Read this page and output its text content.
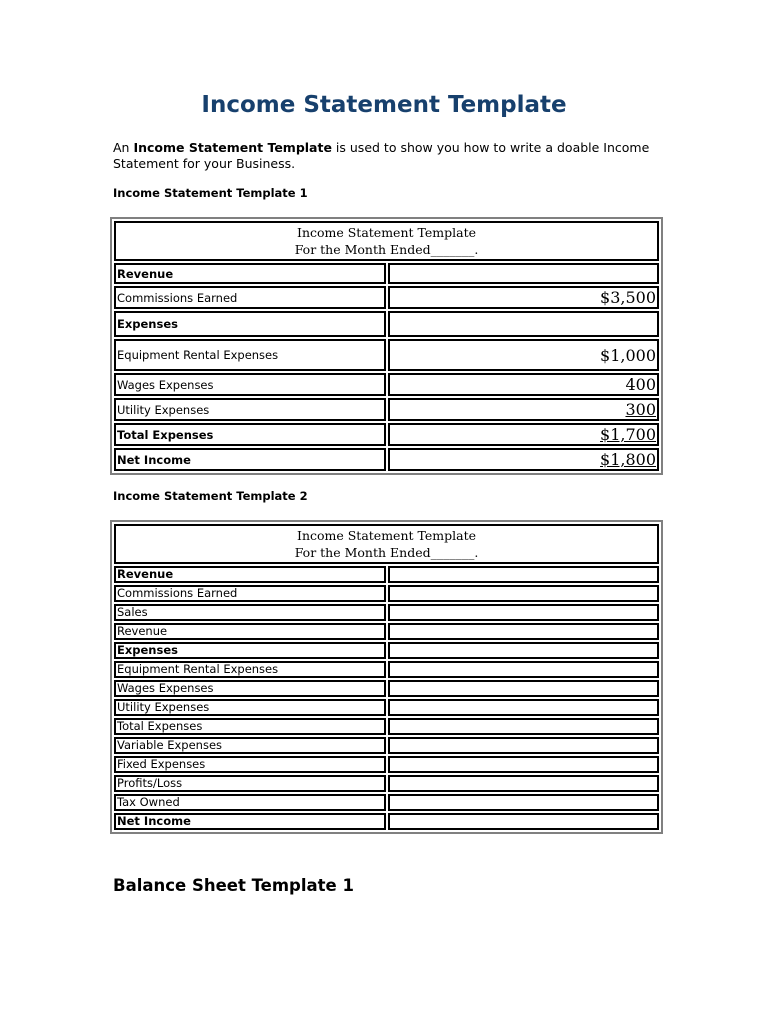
Income Statement Template
An Income Statement Template is used to show you how to write a doable Income Statement for your Business.
Income Statement Template 1
Income Statement Template
For the Month Ended_______.	

Revenue	
Commissions Earned	$3,500
Expenses	
Equipment Rental Expenses	$1,000
Wages Expenses	400
Utility Expenses	300
Total Expenses	$1,700
Net Income	$1,800
Income Statement Template 2
Income Statement Template
For the Month Ended_______.	

Revenue	
Commissions Earned	
Sales	
Revenue	
Expenses	
Equipment Rental Expenses	
Wages Expenses	
Utility Expenses	
Total Expenses	
Variable Expenses	
Fixed Expenses	
Profits/Loss	
Tax Owned	
Net Income	
Balance Sheet Template 1
